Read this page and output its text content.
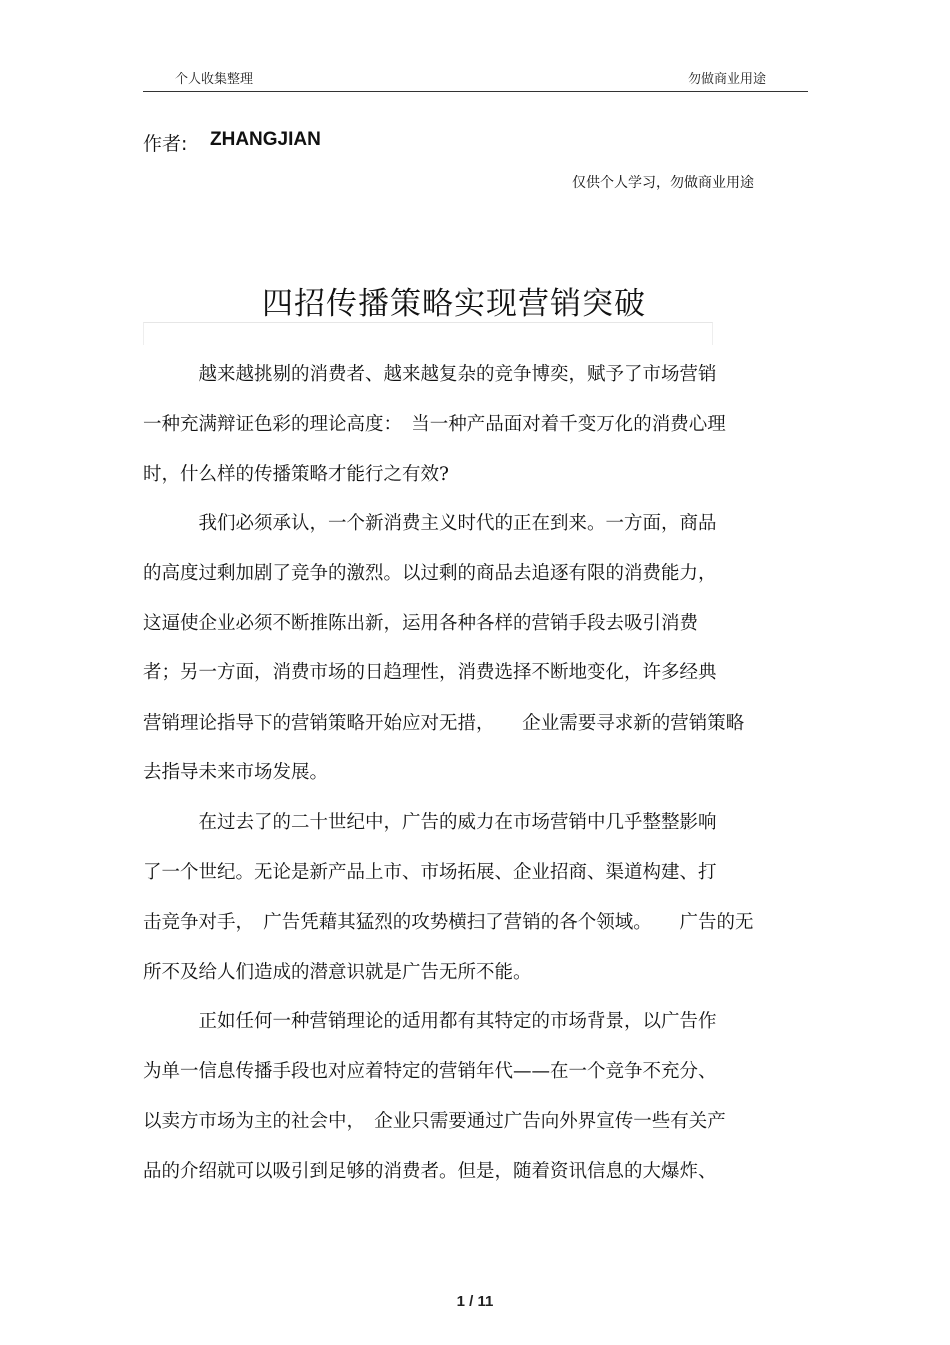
个人收集整理	勿做商业用途
作者: ZHANGJIAN
仅供个人学习，勿做商业用途
四招传播策略实现营销突破
　　　越来越挑剔的消费者、越来越复杂的竞争博奕，赋予了市场营销
一种充满辩证色彩的理论高度：　当一种产品面对着千变万化的消费心理
时，什么样的传播策略才能行之有效?
　　　我们必须承认，一个新消费主义时代的正在到来。一方面，商品
的高度过剩加剧了竞争的激烈。以过剩的商品去追逐有限的消费能力，
这逼使企业必须不断推陈出新，运用各种各样的营销手段去吸引消费
者；另一方面，消费市场的日趋理性，消费选择不断地变化，许多经典
营销理论指导下的营销策略开始应对无措，　　企业需要寻求新的营销策略
去指导未来市场发展。
　　　在过去了的二十世纪中，广告的威力在市场营销中几乎整整影响
了一个世纪。无论是新产品上市、市场拓展、企业招商、渠道构建、打
击竞争对手，　广告凭藉其猛烈的攻势横扫了营销的各个领域。　　广告的无
所不及给人们造成的潜意识就是广告无所不能。
　　　正如任何一种营销理论的适用都有其特定的市场背景，以广告作
为单一信息传播手段也对应着特定的营销年代——在一个竞争不充分、
以卖方市场为主的社会中，　企业只需要通过广告向外界宣传一些有关产
品的介绍就可以吸引到足够的消费者。但是，随着资讯信息的大爆炸、
1 / 11
